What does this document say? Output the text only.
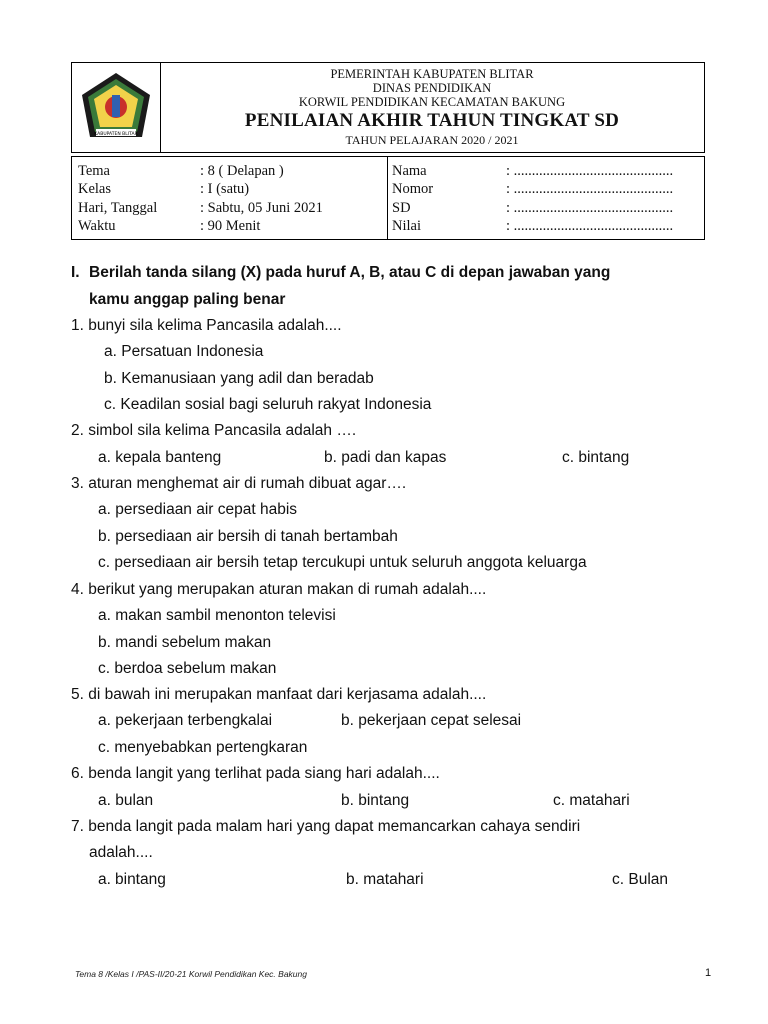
KABUPATEN BLITAR
PEMERINTAH KABUPATEN BLITAR
DINAS PENDIDIKAN
KORWIL PENDIDIKAN KECAMATAN BAKUNG
PENILAIAN AKHIR TAHUN TINGKAT SD
TAHUN PELAJARAN 2020 / 2021
Tema	: 8 ( Delapan )
Kelas	: I (satu)
Hari, Tanggal	: Sabtu, 05 Juni 2021
Waktu	: 90 Menit
Nama	: ............................................
Nomor	: ............................................
SD	: ............................................
Nilai	: ............................................
I. Berilah tanda silang (X) pada huruf A, B, atau C di depan jawaban yang
kamu anggap paling benar
1. bunyi sila kelima Pancasila adalah....
a. Persatuan Indonesia
b. Kemanusiaan yang adil dan beradab
c. Keadilan sosial bagi seluruh rakyat Indonesia
2. simbol sila kelima Pancasila adalah ….
a. kepala banteng	b. padi dan kapas	c. bintang
3. aturan menghemat air di rumah dibuat agar….
a. persediaan air cepat habis
b. persediaan air bersih di tanah bertambah
c. persediaan air bersih tetap tercukupi untuk seluruh anggota keluarga
4. berikut yang merupakan aturan makan di rumah adalah....
a. makan sambil menonton televisi
b. mandi sebelum makan
c. berdoa sebelum makan
5. di bawah ini merupakan manfaat dari kerjasama adalah....
a. pekerjaan terbengkalai	b. pekerjaan cepat selesai
c. menyebabkan pertengkaran
6. benda langit yang terlihat pada siang hari adalah....
a. bulan	b. bintang	c. matahari
7. benda langit pada malam hari yang dapat memancarkan cahaya sendiri
adalah....
a. bintang	b. matahari	c. Bulan
Tema 8 /Kelas I /PAS-II/20-21 Korwil Pendidikan Kec. Bakung	1
